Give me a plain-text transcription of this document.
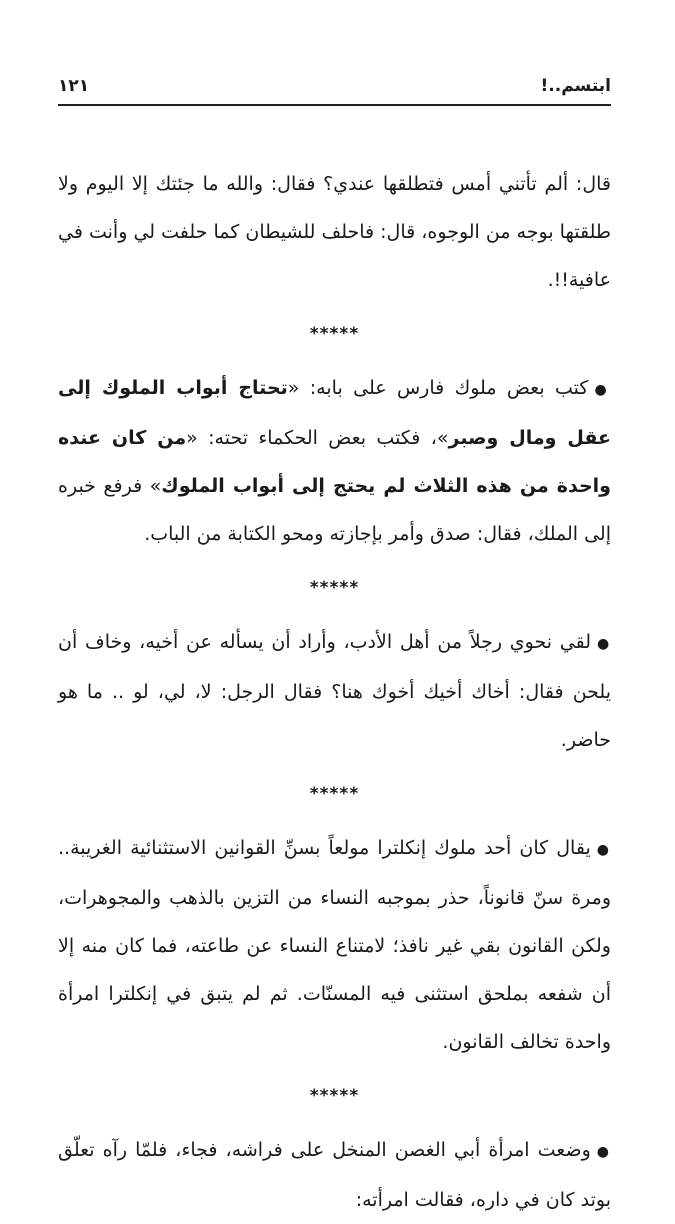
ابتسم..!
١٢١

قال: ألم تأتني أمس فتطلقها عندي؟ فقال: والله ما جئتك إلا اليوم ولا طلقتها بوجه من الوجوه، قال: فاحلف للشيطان كما حلفت لي وأنت في عافية!!.

*****

●كتب بعض ملوك فارس على بابه: «تحتاج أبواب الملوك إلى عقل ومال وصبر»، فكتب بعض الحكماء تحته: «من كان عنده واحدة من هذه الثلاث لم يحتج إلى أبواب الملوك» فرفع خبره إلى الملك، فقال: صدق وأمر بإجازته ومحو الكتابة من الباب.

*****

●لقي نحوي رجلاً من أهل الأدب، وأراد أن يسأله عن أخيه، وخاف أن يلحن فقال: أخاك أخيك أخوك هنا؟ فقال الرجل: لا، لي، لو .. ما هو حاضر.

*****

●يقال كان أحد ملوك إنكلترا مولعاً بسنِّ القوانين الاستثنائية الغريبة.. ومرة سنّ قانوناً، حذر بموجبه النساء من التزين بالذهب والمجوهرات، ولكن القانون بقي غير نافذ؛ لامتناع النساء عن طاعته، فما كان منه إلا أن شفعه بملحق استثنى فيه المسنّات. ثم لم يتبق في إنكلترا امرأة واحدة تخالف القانون.

*****

●وضعت امرأة أبي الغصن المنخل على فراشه، فجاء، فلمّا رآه تعلّق بوتد كان في داره، فقالت امرأته:
